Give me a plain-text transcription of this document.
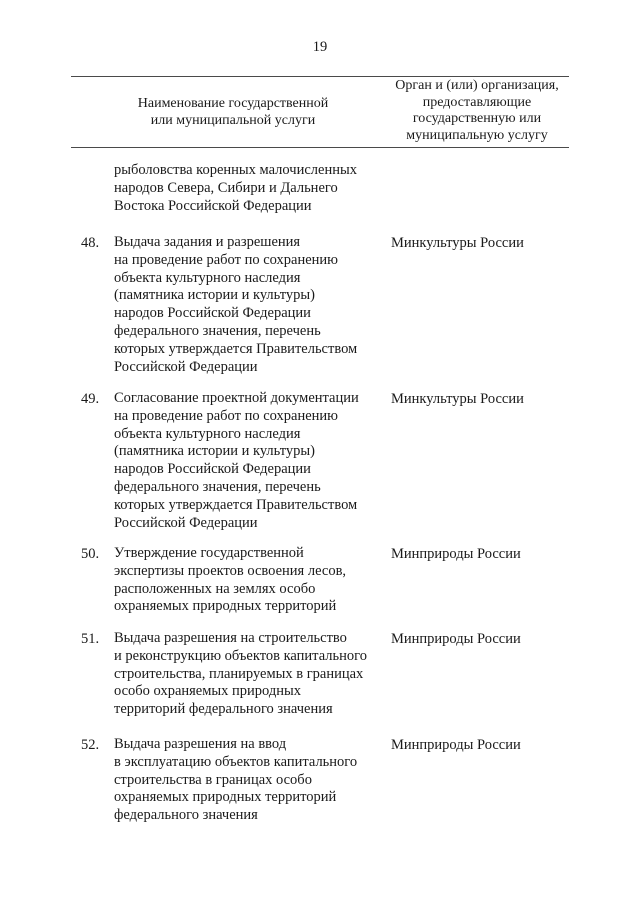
19
Наименование государственной
или муниципальной услуги
Орган и (или) организация,
предоставляющие
государственную или
муниципальную услугу
рыболовства коренных малочисленных
народов Севера, Сибири и Дальнего
Востока Российской Федерации
48. Выдача задания и разрешения
на проведение работ по сохранению
объекта культурного наследия
(памятника истории и культуры)
народов Российской Федерации
федерального значения, перечень
которых утверждается Правительством
Российской Федерации
Минкультуры России
49. Согласование проектной документации
на проведение работ по сохранению
объекта культурного наследия
(памятника истории и культуры)
народов Российской Федерации
федерального значения, перечень
которых утверждается Правительством
Российской Федерации
Минкультуры России
50. Утверждение государственной
экспертизы проектов освоения лесов,
расположенных на землях особо
охраняемых природных территорий
Минприроды России
51. Выдача разрешения на строительство
и реконструкцию объектов капитального
строительства, планируемых в границах
особо охраняемых природных
территорий федерального значения
Минприроды России
52. Выдача разрешения на ввод
в эксплуатацию объектов капитального
строительства в границах особо
охраняемых природных территорий
федерального значения
Минприроды России
